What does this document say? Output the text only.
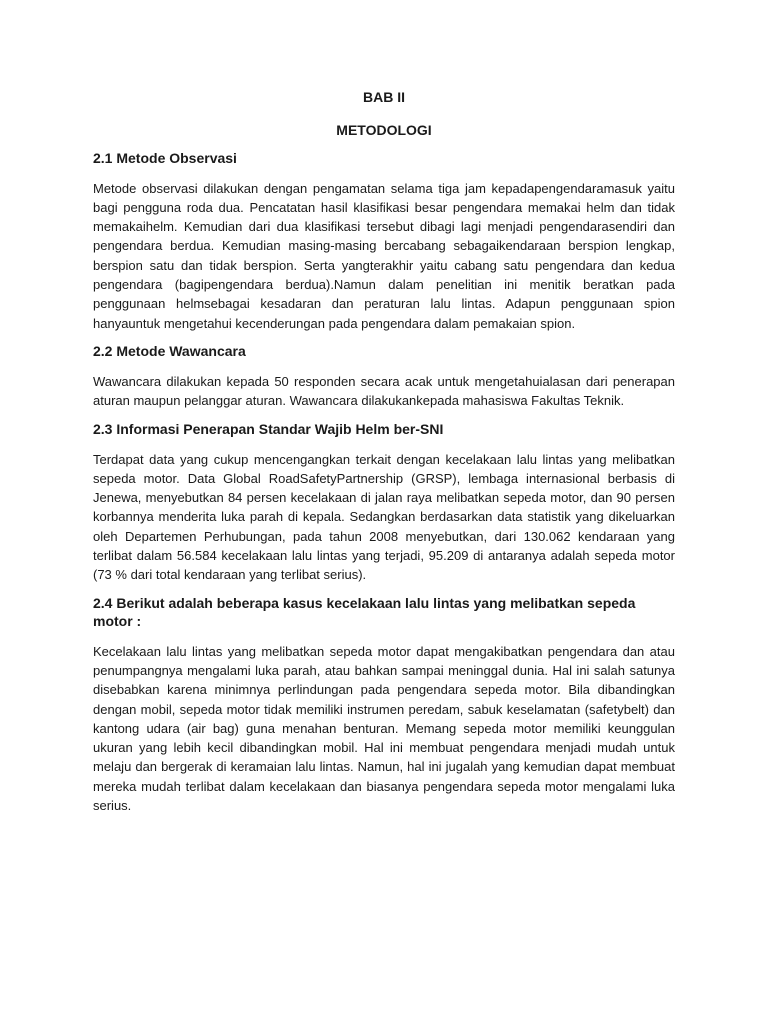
BAB II

METODOLOGI

2.1 Metode Observasi

Metode observasi dilakukan dengan pengamatan selama tiga jam kepadapengendaramasuk yaitu bagi pengguna roda dua. Pencatatan hasil klasifikasi besar pengendara memakai helm dan tidak memakaihelm. Kemudian dari dua klasifikasi tersebut dibagi lagi menjadi pengendarasendiri dan pengendara berdua. Kemudian masing-masing bercabang sebagaikendaraan berspion lengkap, berspion satu dan tidak berspion. Serta yangterakhir yaitu cabang satu pengendara dan kedua pengendara (bagipengendara berdua).Namun dalam penelitian ini menitik beratkan pada penggunaan helmsebagai kesadaran dan peraturan lalu lintas. Adapun penggunaan spion hanyauntuk mengetahui kecenderungan pada pengendara dalam pemakaian spion.

2.2 Metode Wawancara

Wawancara dilakukan kepada 50 responden secara acak untuk mengetahuialasan dari penerapan aturan maupun pelanggar aturan. Wawancara dilakukankepada mahasiswa Fakultas Teknik.

2.3 Informasi Penerapan Standar Wajib Helm ber-SNI

Terdapat data yang cukup mencengangkan terkait dengan kecelakaan lalu lintas yang melibatkan sepeda motor. Data Global RoadSafetyPartnership (GRSP), lembaga internasional berbasis di Jenewa, menyebutkan 84 persen kecelakaan di jalan raya melibatkan sepeda motor, dan 90 persen korbannya menderita luka parah di kepala. Sedangkan berdasarkan data statistik yang dikeluarkan oleh Departemen Perhubungan, pada tahun 2008 menyebutkan, dari 130.062 kendaraan yang terlibat dalam 56.584 kecelakaan lalu lintas yang terjadi, 95.209 di antaranya adalah sepeda motor (73 % dari total kendaraan yang terlibat serius).

2.4 Berikut adalah beberapa kasus kecelakaan lalu lintas yang melibatkan sepeda motor :

Kecelakaan lalu lintas yang melibatkan sepeda motor dapat mengakibatkan pengendara dan atau penumpangnya mengalami luka parah, atau bahkan sampai meninggal dunia. Hal ini salah satunya disebabkan karena minimnya perlindungan pada pengendara sepeda motor. Bila dibandingkan dengan mobil, sepeda motor tidak memiliki instrumen peredam, sabuk keselamatan (safetybelt) dan kantong udara (air bag) guna menahan benturan. Memang sepeda motor memiliki keunggulan ukuran yang lebih kecil dibandingkan mobil. Hal ini membuat pengendara menjadi mudah untuk melaju dan bergerak di keramaian lalu lintas. Namun, hal ini jugalah yang kemudian dapat membuat mereka mudah terlibat dalam kecelakaan dan biasanya pengendara sepeda motor mengalami luka serius.
